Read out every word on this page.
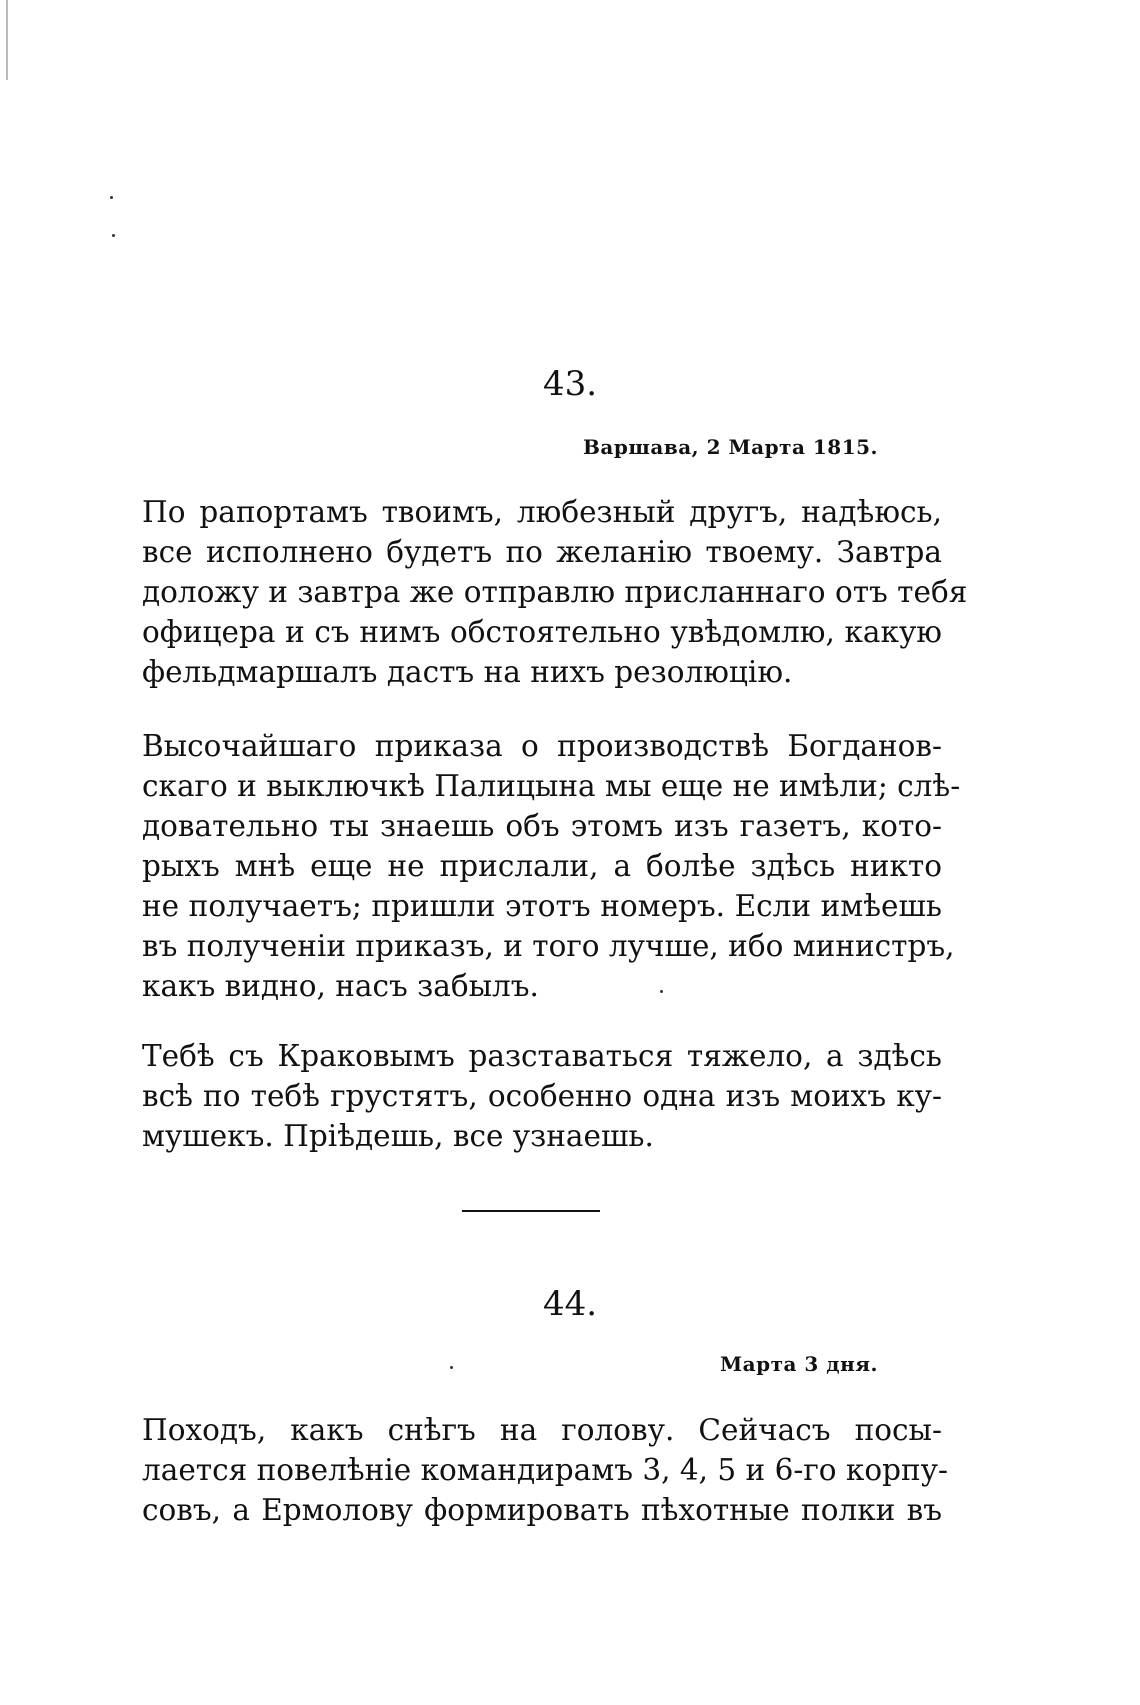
43.
Варшава, 2 Марта 1815.
По рапортамъ твоимъ, любезный другъ, надѣюсь,
все исполнено будетъ по желанію твоему. Завтра
доложу и завтра же отправлю присланнаго отъ тебя
офицера и съ нимъ обстоятельно увѣдомлю, какую
фельдмаршалъ дастъ на нихъ резолюцію.
Высочайшаго приказа о производствѣ Богданов-
скаго и выключкѣ Палицына мы еще не имѣли; слѣ-
довательно ты знаешь объ этомъ изъ газетъ, кото-
рыхъ мнѣ еще не прислали, а болѣе здѣсь никто
не получаетъ; пришли этотъ номеръ. Если имѣешь
въ полученіи приказъ, и того лучше, ибо министръ,
какъ видно, насъ забылъ.
Тебѣ съ Краковымъ разставаться тяжело, а здѣсь
всѣ по тебѣ грустятъ, особенно одна изъ моихъ ку-
мушекъ. Пріѣдешь, все узнаешь.
44.
Марта 3 дня.
Походъ, какъ снѣгъ на голову. Сейчасъ посы-
лается повелѣніе командирамъ 3, 4, 5 и 6-го корпу-
совъ, а Ермолову формировать пѣхотные полки въ
